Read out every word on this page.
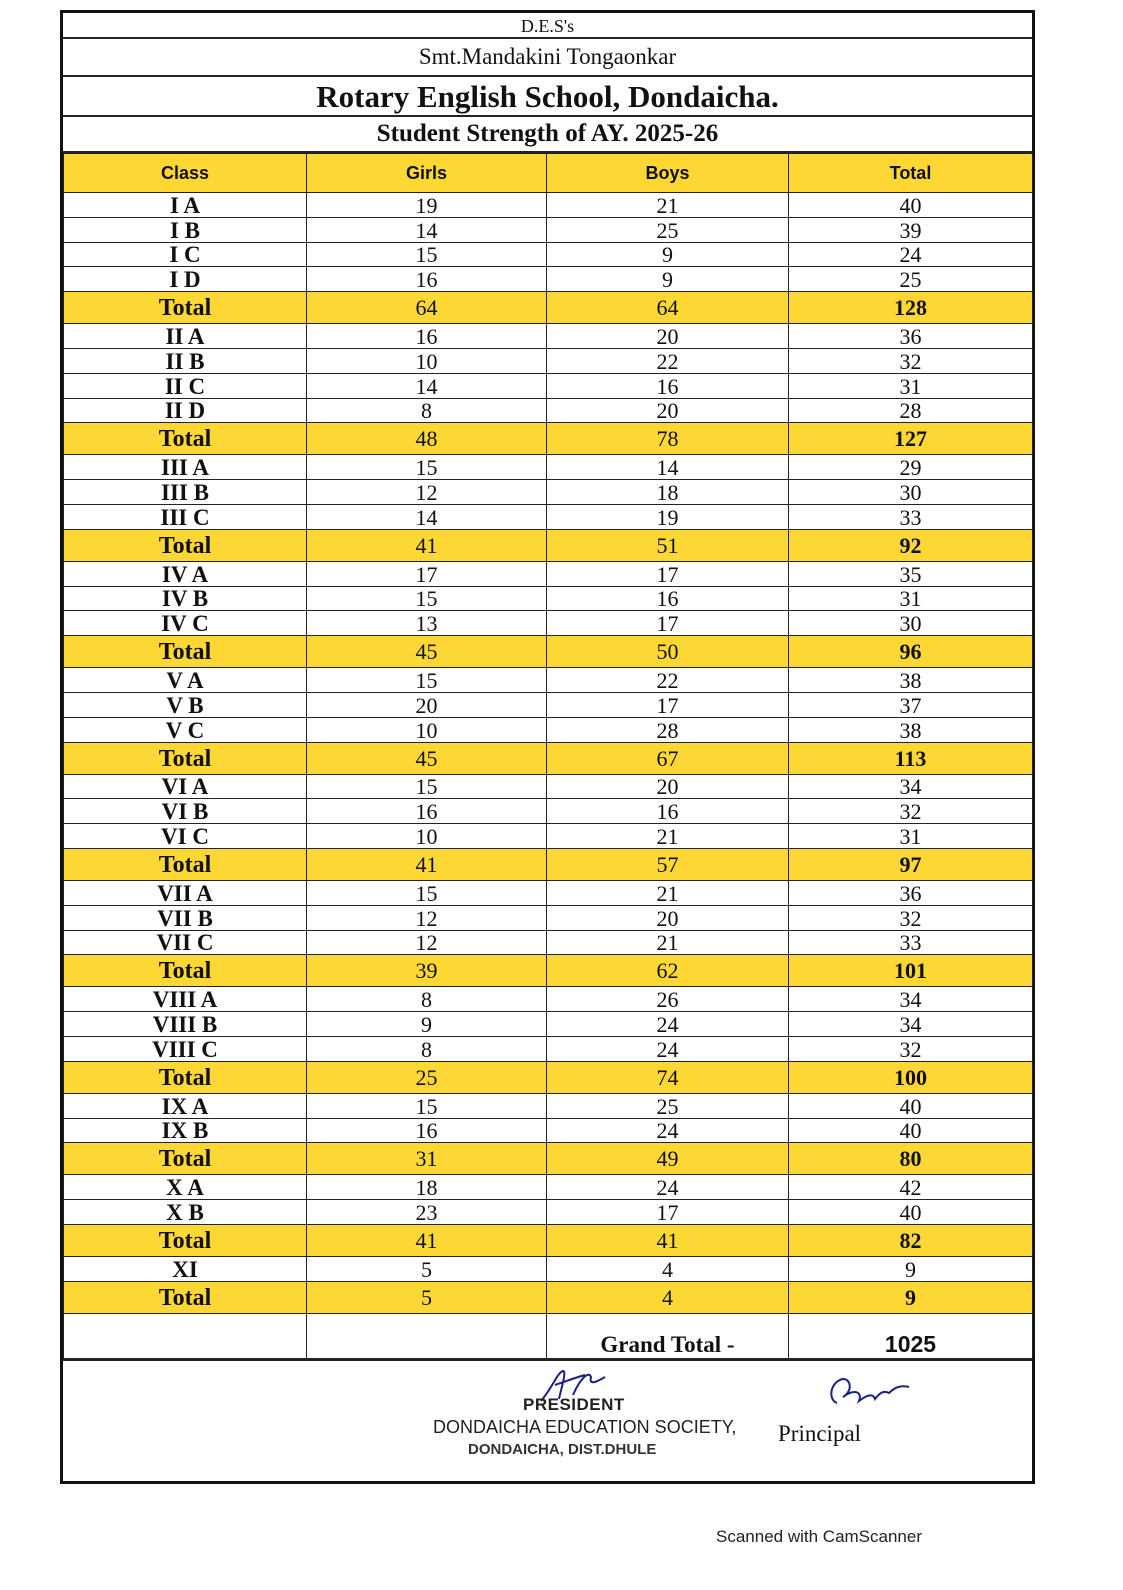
D.E.S's
Smt.Mandakini Tongaonkar
Rotary English School, Dondaicha.
Student Strength of AY. 2025-26
Class	Girls	Boys	Total
I A	19	21	40
I B	14	25	39
I C	15	9	24
I D	16	9	25
Total	64	64	128
II A	16	20	36
II B	10	22	32
II C	14	16	31
II D	8	20	28
Total	48	78	127
III A	15	14	29
III B	12	18	30
III C	14	19	33
Total	41	51	92
IV A	17	17	35
IV B	15	16	31
IV C	13	17	30
Total	45	50	96
V A	15	22	38
V B	20	17	37
V C	10	28	38
Total	45	67	113
VI A	15	20	34
VI B	16	16	32
VI C	10	21	31
Total	41	57	97
VII A	15	21	36
VII B	12	20	32
VII C	12	21	33
Total	39	62	101
VIII A	8	26	34
VIII B	9	24	34
VIII C	8	24	32
Total	25	74	100
IX A	15	25	40
IX B	16	24	40
Total	31	49	80
X A	18	24	42
X B	23	17	40
Total	41	41	82
XI	5	4	9
Total	5	4	9
		Grand Total -	1025
PRESIDENT
DONDAICHA EDUCATION SOCIETY,
DONDAICHA, DIST.DHULE
Principal
Scanned with CamScanner
